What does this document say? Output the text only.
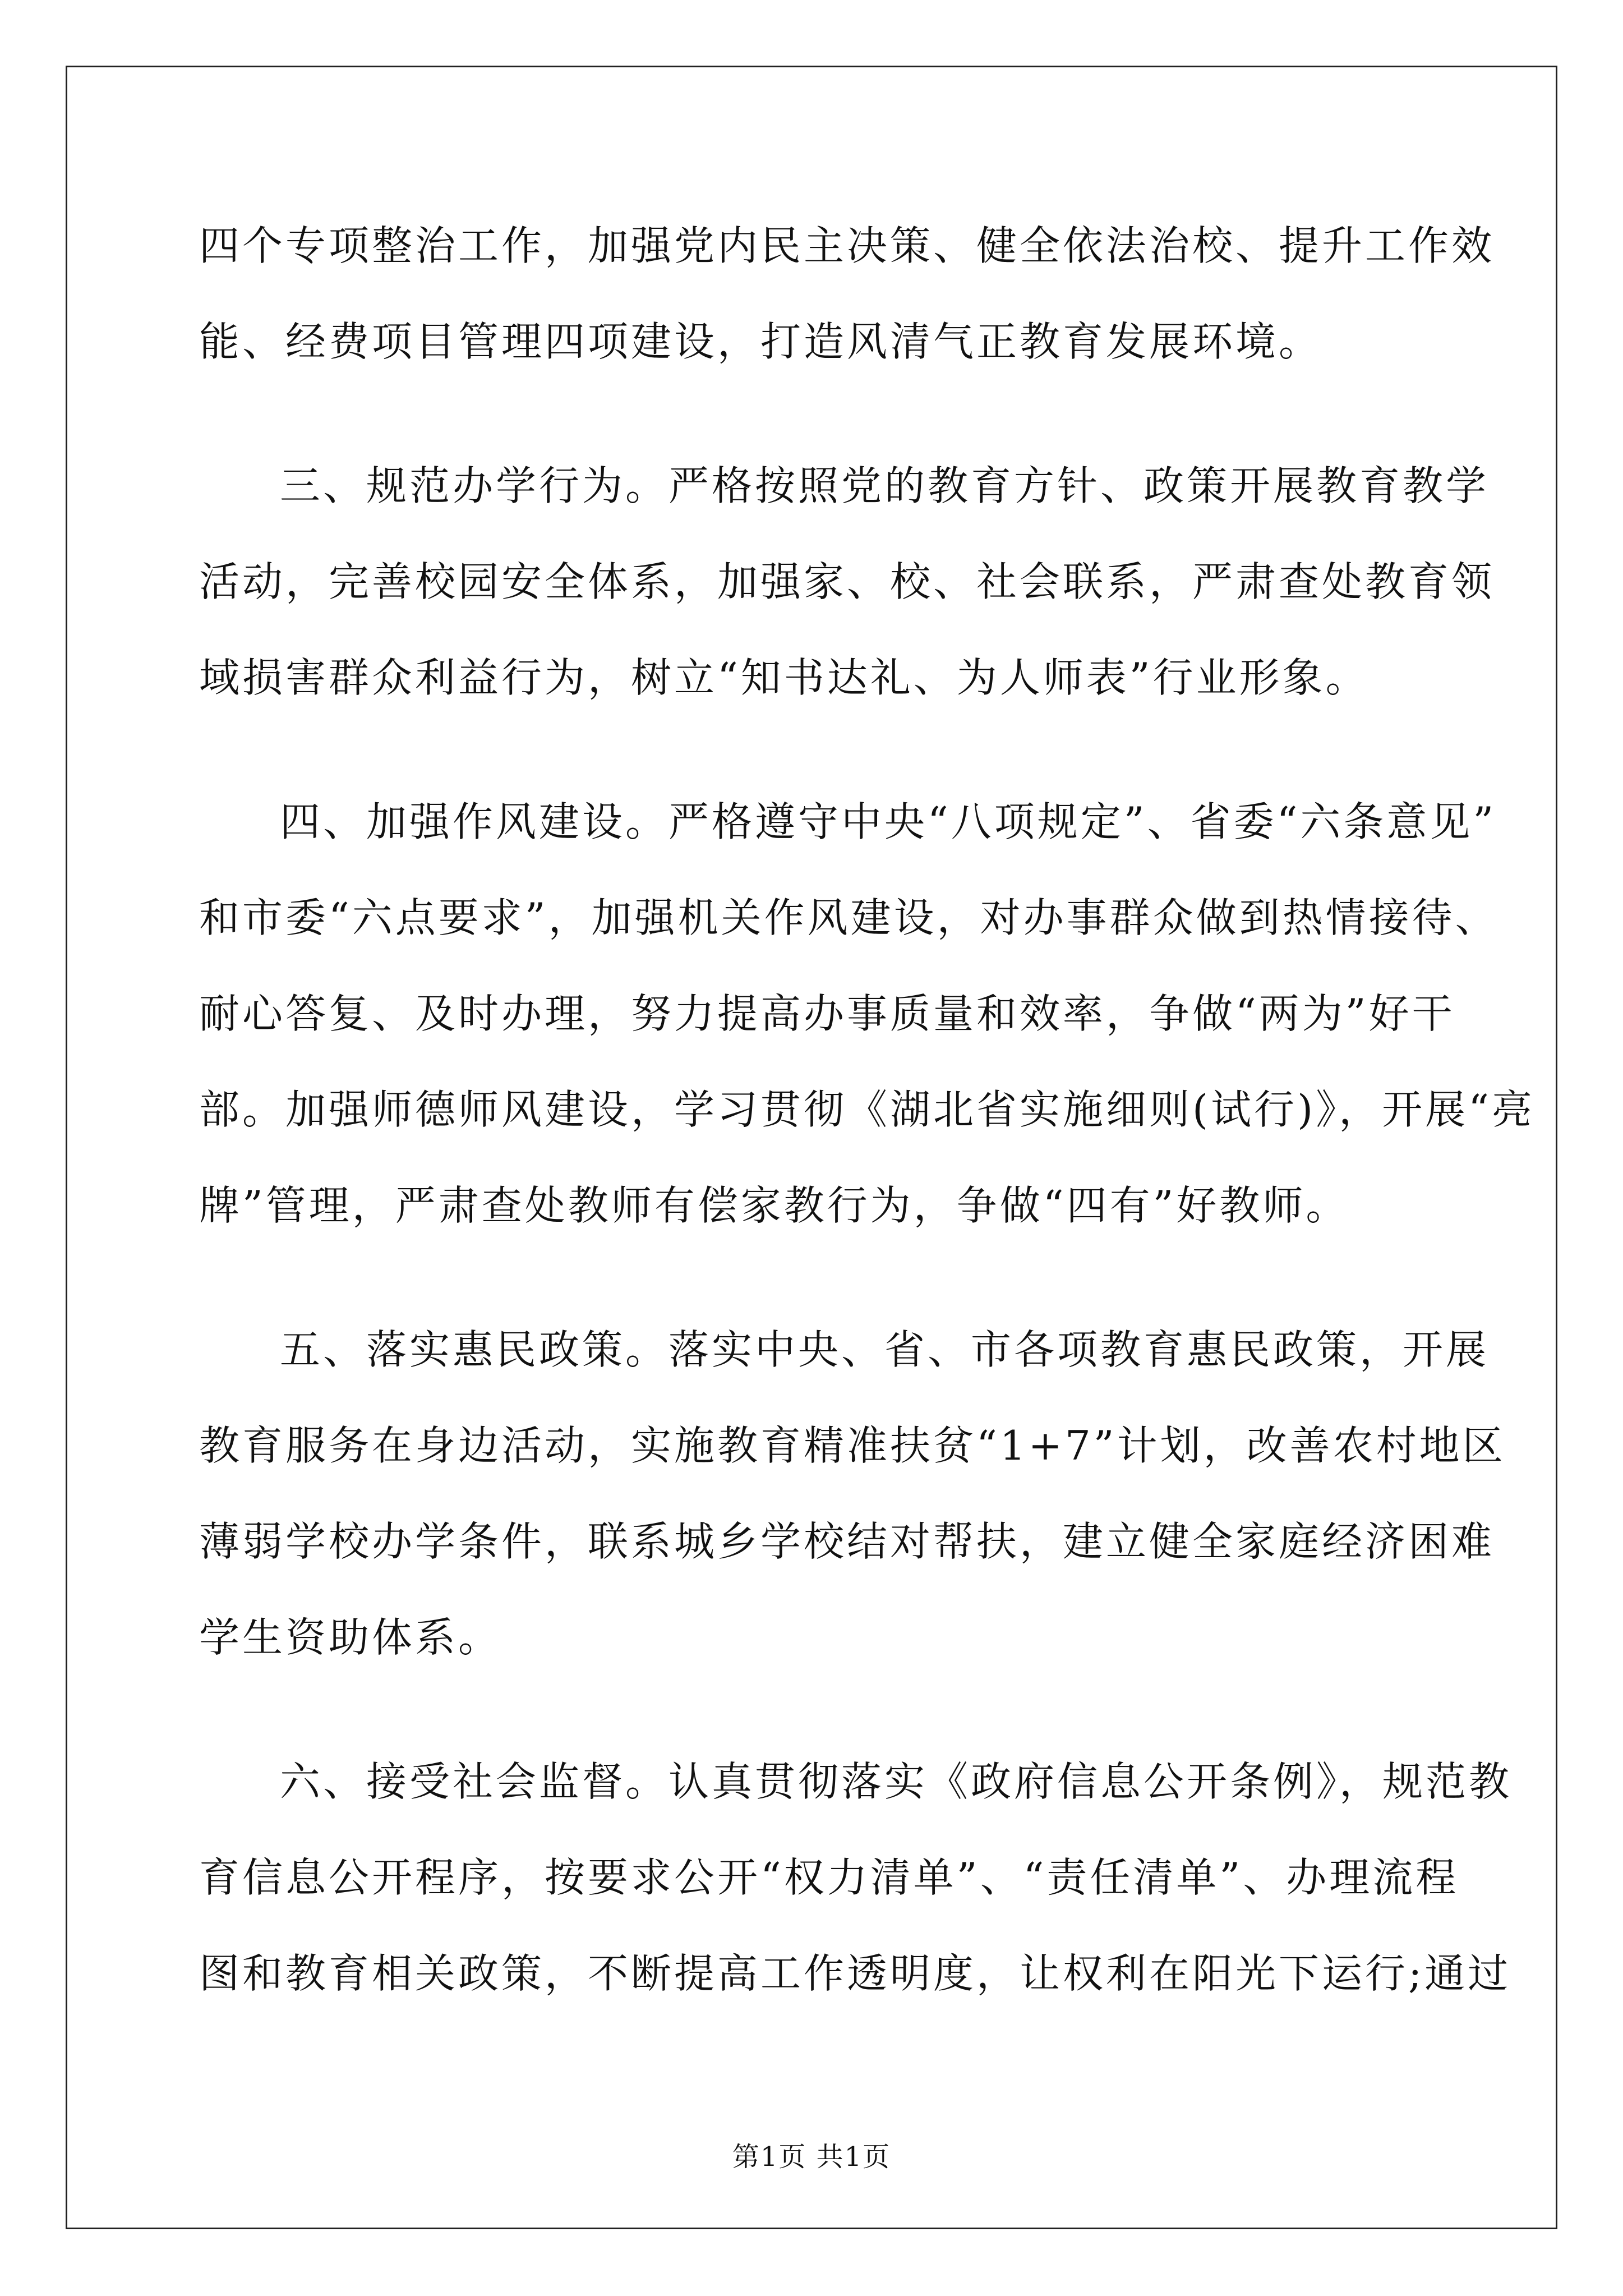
四个专项整治工作，加强党内民主决策、健全依法治校、提升工作效
能、经费项目管理四项建设，打造风清气正教育发展环境。
三、规范办学行为。严格按照党的教育方针、政策开展教育教学
活动，完善校园安全体系，加强家、校、社会联系，严肃查处教育领
域损害群众利益行为，树立“知书达礼、为人师表”行业形象。
四、加强作风建设。严格遵守中央“八项规定”、省委“六条意见”
和市委“六点要求”，加强机关作风建设，对办事群众做到热情接待、
耐心答复、及时办理，努力提高办事质量和效率，争做“两为”好干
部。加强师德师风建设，学习贯彻《湖北省实施细则(试行)》，开展“亮
牌”管理，严肃查处教师有偿家教行为，争做“四有”好教师。
五、落实惠民政策。落实中央、省、市各项教育惠民政策，开展
教育服务在身边活动，实施教育精准扶贫“1+7”计划，改善农村地区
薄弱学校办学条件，联系城乡学校结对帮扶，建立健全家庭经济困难
学生资助体系。
六、接受社会监督。认真贯彻落实《政府信息公开条例》，规范教
育信息公开程序，按要求公开“权力清单”、“责任清单”、办理流程
图和教育相关政策，不断提高工作透明度，让权利在阳光下运行;通过
第1页 共1页
